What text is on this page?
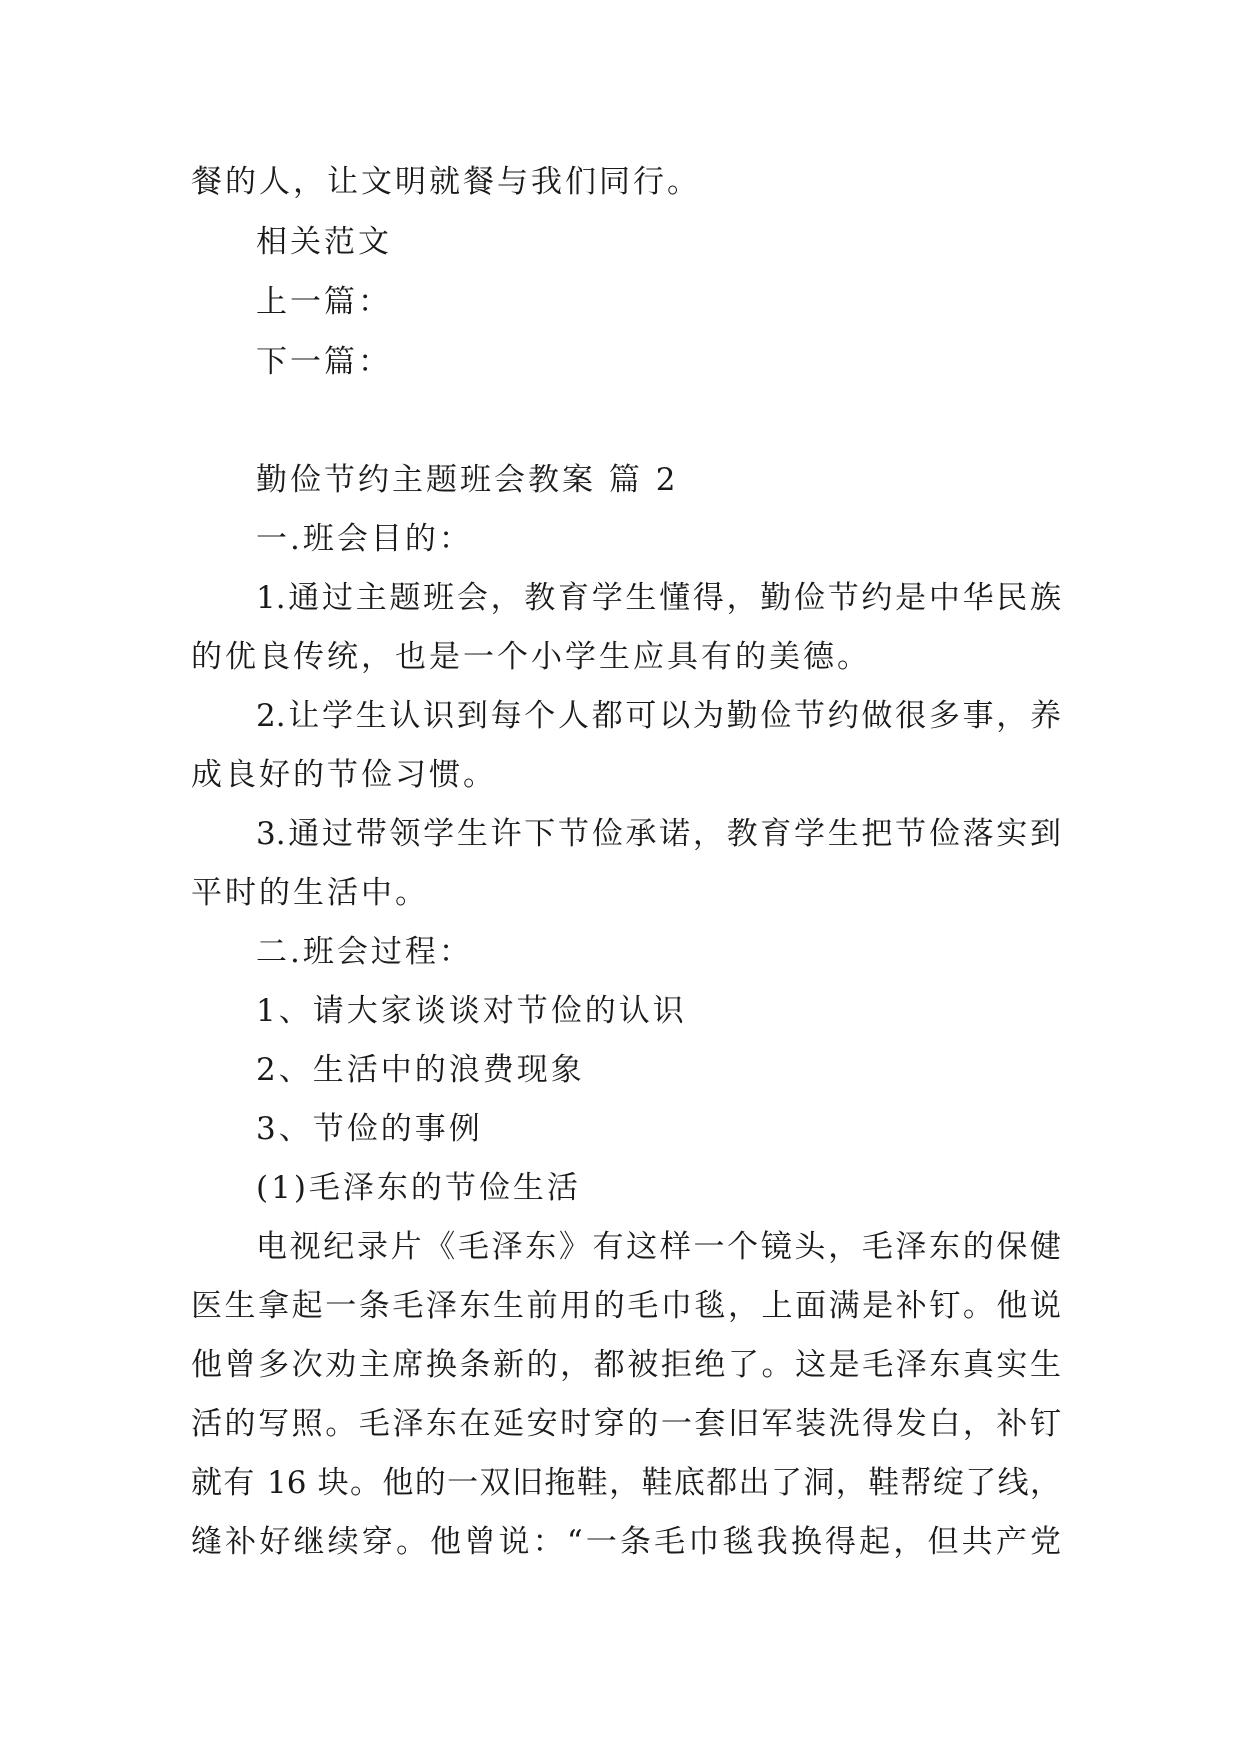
餐的人，让文明就餐与我们同行。
相关范文
上一篇：
下一篇：
勤俭节约主题班会教案 篇 2
一.班会目的：
1.通过主题班会，教育学生懂得，勤俭节约是中华民族
的优良传统，也是一个小学生应具有的美德。
2.让学生认识到每个人都可以为勤俭节约做很多事，养
成良好的节俭习惯。
3.通过带领学生许下节俭承诺，教育学生把节俭落实到
平时的生活中。
二.班会过程：
1、请大家谈谈对节俭的认识
2、生活中的浪费现象
3、节俭的事例
(1)毛泽东的节俭生活
电视纪录片《毛泽东》有这样一个镜头，毛泽东的保健
医生拿起一条毛泽东生前用的毛巾毯，上面满是补钉。他说
他曾多次劝主席换条新的，都被拒绝了。这是毛泽东真实生
活的写照。毛泽东在延安时穿的一套旧军装洗得发白，补钉
就有 16 块。他的一双旧拖鞋，鞋底都出了洞，鞋帮绽了线，
缝补好继续穿。他曾说：“一条毛巾毯我换得起，但共产党
